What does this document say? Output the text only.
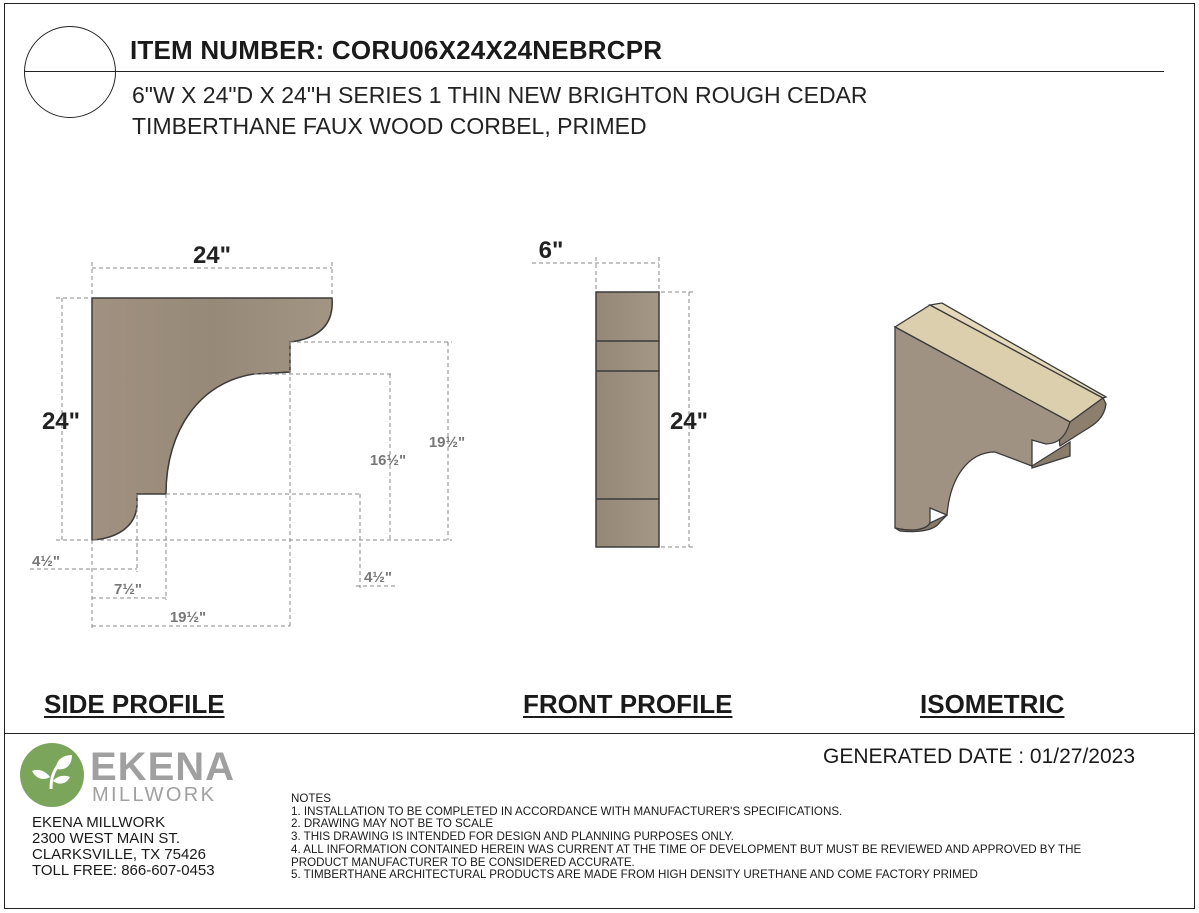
ITEM NUMBER: CORU06X24X24NEBRCPR
6"W X 24"D X 24"H SERIES 1 THIN NEW BRIGHTON ROUGH CEDAR
TIMBERTHANE FAUX WOOD CORBEL, PRIMED
24"
24"
19½"
16½"
4½"
4½"
7½"
19½"
6"
24"
SIDE PROFILE	FRONT PROFILE	ISOMETRIC
EKENA
MILLWORK
EKENA MILLWORK
2300 WEST MAIN ST.
CLARKSVILLE, TX 75426
TOLL FREE: 866-607-0453
GENERATED DATE : 01/27/2023
NOTES
1. INSTALLATION TO BE COMPLETED IN ACCORDANCE WITH MANUFACTURER'S SPECIFICATIONS.
2. DRAWING MAY NOT BE TO SCALE
3. THIS DRAWING IS INTENDED FOR DESIGN AND PLANNING PURPOSES ONLY.
4. ALL INFORMATION CONTAINED HEREIN WAS CURRENT AT THE TIME OF DEVELOPMENT BUT MUST BE REVIEWED AND APPROVED BY THE
PRODUCT MANUFACTURER TO BE CONSIDERED ACCURATE.
5. TIMBERTHANE ARCHITECTURAL PRODUCTS ARE MADE FROM HIGH DENSITY URETHANE AND COME FACTORY PRIMED
